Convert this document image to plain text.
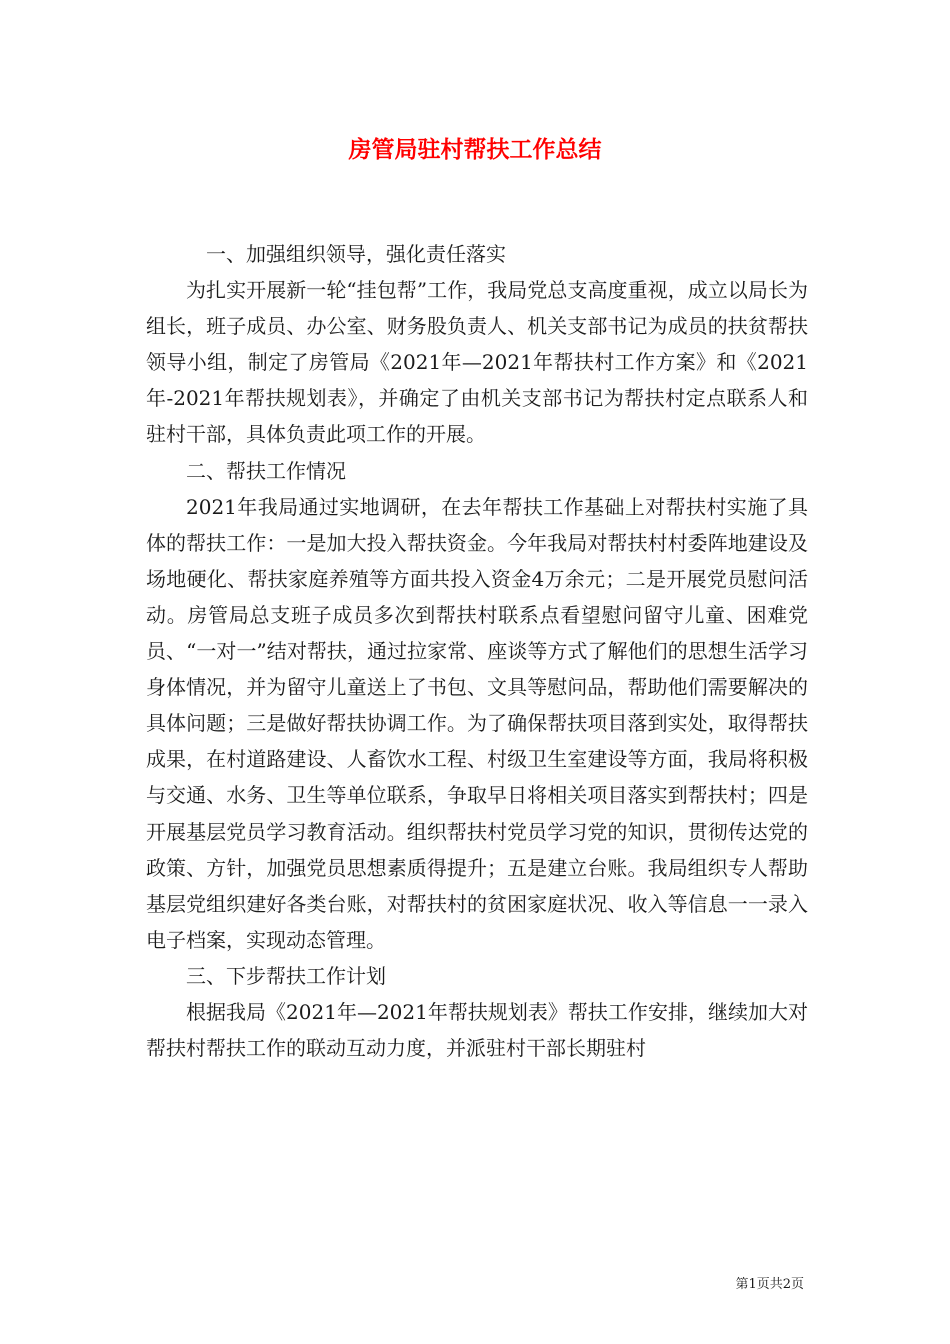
房管局驻村帮扶工作总结

一、加强组织领导，强化责任落实

为扎实开展新一轮“挂包帮”工作，我局党总支高度重视，成立以局长为组长，班子成员、办公室、财务股负责人、机关支部书记为成员的扶贫帮扶领导小组，制定了房管局《2021年—2021年帮扶村工作方案》和《2021年-2021年帮扶规划表》，并确定了由机关支部书记为帮扶村定点联系人和驻村干部，具体负责此项工作的开展。

二、帮扶工作情况

2021年我局通过实地调研，在去年帮扶工作基础上对帮扶村实施了具体的帮扶工作：一是加大投入帮扶资金。今年我局对帮扶村村委阵地建设及场地硬化、帮扶家庭养殖等方面共投入资金4万余元；二是开展党员慰问活动。房管局总支班子成员多次到帮扶村联系点看望慰问留守儿童、困难党员、“一对一”结对帮扶，通过拉家常、座谈等方式了解他们的思想生活学习身体情况，并为留守儿童送上了书包、文具等慰问品，帮助他们需要解决的具体问题；三是做好帮扶协调工作。为了确保帮扶项目落到实处，取得帮扶成果，在村道路建设、人畜饮水工程、村级卫生室建设等方面，我局将积极与交通、水务、卫生等单位联系，争取早日将相关项目落实到帮扶村；四是开展基层党员学习教育活动。组织帮扶村党员学习党的知识，贯彻传达党的政策、方针，加强党员思想素质得提升；五是建立台账。我局组织专人帮助基层党组织建好各类台账，对帮扶村的贫困家庭状况、收入等信息一一录入电子档案，实现动态管理。

三、下步帮扶工作计划

根据我局《2021年—2021年帮扶规划表》帮扶工作安排，继续加大对帮扶村帮扶工作的联动互动力度，并派驻村干部长期驻村

第1页共2页
